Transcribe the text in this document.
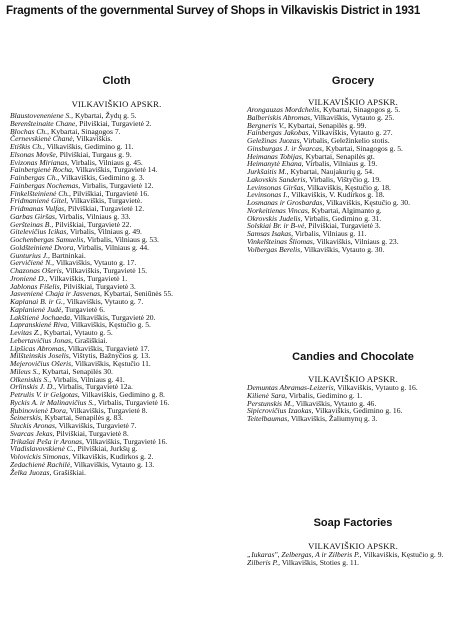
Fragments of the governmental Survey of Shops in Vilkaviskis District in 1931
Cloth
VILKAVIŠKIO APSKR.
Blaustoveneniene S., Kybartai, Žydų g. 5.
Berenšteinaite Chane, Pilviškiai, Turgavietė 2.
Blochas Ch., Kybartai, Sinagogos 7.
Černevskienė Chanė, Vilkaviškis.
Etiškis Ch., Vilkaviškis, Gedimino g. 11.
Elsonas Movše, Pilviškiai, Turgaus g. 9.
Evizonas Mirianas, Virbalis, Vilniaus g. 45.
Fainbergienė Rocha, Vilkaviškis, Turgavietė 14.
Fainbergas Ch., Vilkaviškis, Gedimino g. 3.
Fainbergas Nochemas, Virbalis, Turgavietė 12.
Finkelšteinienė Ch., Pilviškiai, Turgavietė 16.
Fridmanienė Gitel, Vilkaviškis, Turgavietė.
Fridmanas Vulfas, Pilviškiai, Turgavietė 12.
Garbas Giršas, Virbalis, Vilniaus g. 33.
Geršteinas B., Pilviškiai, Turgavietė 22.
Gitelevičius Icikas, Virbalis, Vilniaus g. 49.
Gochenbergas Samuelis, Virbalis, Vilniaus g. 53.
Goldšteinienė Dvora, Virbalis, Vilniaus g. 44.
Gunturius J., Bartninkai.
Gervičienė N., Vilkaviškis, Vytauto g. 17.
Chazonas Ošeris, Vilkaviškis, Turgavietė 15.
Jronienė D., Vilkaviškis, Turgavietė 1.
Jablonas Fišelis, Pilviškiai, Turgavietė 3.
Jasvenienė Chaja ir Jasvenas, Kybartai, Seniūnės 55.
Kaplanai B. ir G., Vilkaviškis, Vytauto g. 7.
Kaplanienė Judė, Turgavietė 6.
Lakštienė Jochaeda, Vilkaviškis, Turgavietė 20.
Lapranskienė Riva, Vilkaviškis, Kęstučio g. 5.
Levitas Z., Kybartai, Vytauto g. 5.
Lebertavičius Jonas, Grašiškiai.
Lipšicas Abromas, Vilkaviškis, Turgavietė 17.
Milšteinskis Joselis, Vištytis, Bažnyčios g. 13.
Mejerovičius Ošeris, Vilkaviškis, Kęstučio 11.
Mileus S., Kybartai, Senapilės 30.
Olkeniskis S., Virbalis, Vilniaus g. 41.
Orlinskis J. D., Virbalis, Turgavietė 12a.
Petrulis V. ir Gelgotas, Vilkaviškis, Gedimino g. 8.
Ryckis A. ir Malinavičius S., Virbalis, Turgavietė 16.
Rubinovienė Dora, Vilkaviškis, Turgavietė 8.
Šeinerskis, Kybartai, Senapilės g. 83.
Sluckis Aronas, Vilkaviškis, Turgavietė 7.
Svarcas Jekas, Pilviškiai, Turgavietė 8.
Trikašai Peša ir Aronas, Vilkaviškis, Turgavietė 16.
Vladislavovskienė C., Pilviškiai, Jurkšų g.
Volovickis Simonas, Vilkaviškis, Kudirkos g. 2.
Zedachienė Rachilė, Vilkaviškis, Vytauto g. 13.
Želka Juozas, Grašiškiai.
Grocery
VILKAVIŠKIO APSKR.
Arongauzas Mordchelis, Kybartai, Sinagogos g. 5.
Balberiskis Abromas, Vilkaviškis, Vytauto g. 25.
Bergneris V., Kybartai, Senapilės g. 99.
Fainbergas Jakobas, Vilkaviškis, Vytauto g. 27.
Geležinas Juozas, Virbalis, Geležinkelio stotis.
Ginsburgas J. ir Švarcas, Kybartai, Sinagogos g. 5.
Heimanas Tobijas, Kybartai, Senapilės gt.
Heimanytė Ehana, Virbalis, Vilniaus g. 19.
Jurkšaitis M., Kybartai, Naujakurių g. 54.
Lakovskis Sanderis, Virbalis, Vištyčio g. 19.
Levinsonas Giršas, Vilkaviškis, Kęstučio g. 18.
Levinsonas I., Vilkaviškis, V. Kudirkos g. 18.
Losmanas ir Grosbardas, Vilkaviškis, Kęstučio g. 30.
Norkeitienas Vincas, Kybartai, Algimanto g.
Okrovskis Judelis, Virbalis, Gedimino g. 31.
Solskiai Br. ir B-vė, Pilviškiai, Turgavietė 3.
Samsas Isakas, Virbalis, Vilniaus g. 11.
Vinkelšteinas Šliomas, Vilkaviškis, Vilniaus g. 23.
Volbergas Berelis, Vilkaviškis, Vytauto g. 30.
Candies and Chocolate
VILKAVIŠKIO APSKR.
Demuntas Abramas-Leizeris, Vilkaviškis, Vytauto g. 16.
Kilienė Sara, Virbalis, Gedimino g. 1.
Perstunskis M., Vilkaviškis, Vytauto g. 46.
Sipicrovičius Izaokas, Vilkaviškis, Gedimino g. 16.
Teitelbaumas, Vilkaviškis, Žaliumynų g. 3.
Soap Factories
VILKAVIŠKIO APSKR.
„Iukaras", Zelbergas, A ir Zilberis P., Vilkaviškis, Kęstučio g. 9.
Zilberis P., Vilkaviškis, Stoties g. 11.
